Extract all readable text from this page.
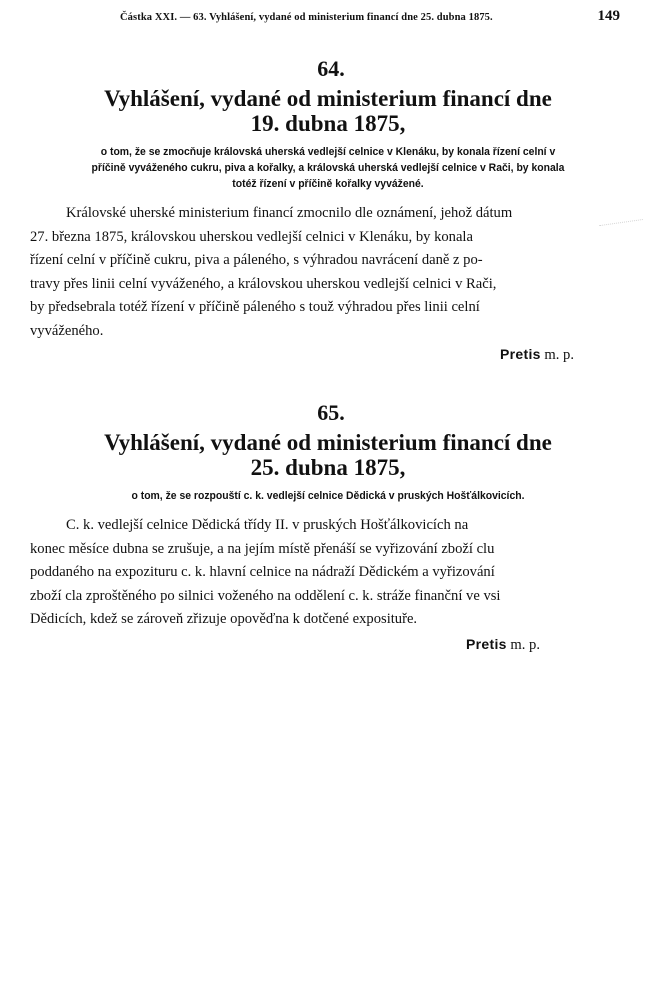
Částka XXI. — 63. Vyhlášení, vydané od ministerium financí dne 25. dubna 1875.	149
64.
Vyhlášení, vydané od ministerium financí dne
19. dubna 1875,
o tom, že se zmocňuje královská uherská vedlejší celnice v Klenáku, by konala řízení celní v
příčině vyváženého cukru, piva a kořalky, a královská uherská vedlejší celnice v Rači, by konala
totéž řízení v příčině kořalky vyvážené.
Královské uherské ministerium financí zmocnilo dle oznámení, jehož dátum
27. března 1875, královskou uherskou vedlejší celnici v Klenáku, by konala
řízení celní v příčině cukru, piva a páleného, s výhradou navrácení daně z po-
travy přes linii celní vyváženého, a královskou uherskou vedlejší celnici v Rači,
by předsebrala totéž řízení v příčině páleného s touž výhradou přes linii celní
vyváženého.
Pretis m. p.
65.
Vyhlášení, vydané od ministerium financí dne
25. dubna 1875,
o tom, že se rozpouští c. k. vedlejší celnice Dědická v pruských Hošťálkovicích.
C. k. vedlejší celnice Dědická třídy II. v pruských Hošťálkovicích na
konec měsíce dubna se zrušuje, a na jejím místě přenáší se vyřizování zboží clu
poddaného na expozituru c. k. hlavní celnice na nádraží Dědickém a vyřizování
zboží cla zproštěného po silnici voženého na oddělení c. k. stráže finanční ve vsi
Dědicích, kdež se zároveň zřizuje opověďna k dotčené exposituře.
Pretis m. p.
